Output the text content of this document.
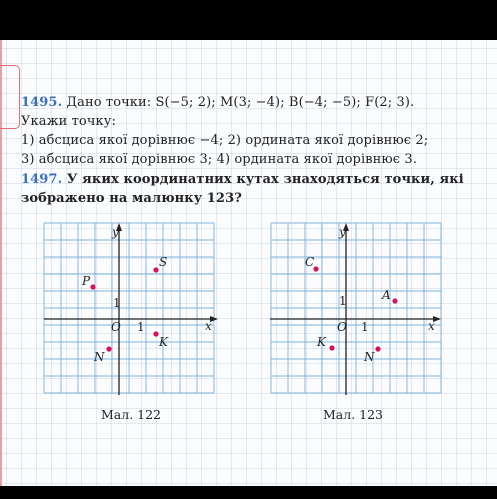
1495. Дано точки: S(−5; 2); M(3; −4); B(−4; −5); F(2; 3).
Укажи точку:
1) абсциса якої дорівнює −4; 2) ордината якої дорівнює 2;
3) абсциса якої дорівнює 3; 4) ордината якої дорівнює 3.
1497. У яких координатних кутах знаходяться точки, які
зображено на малюнку 123?
y
x
O 1
1
P
S
N
K
y
x
O 1
1
C
A
K
N
Мал. 122	Мал. 123
